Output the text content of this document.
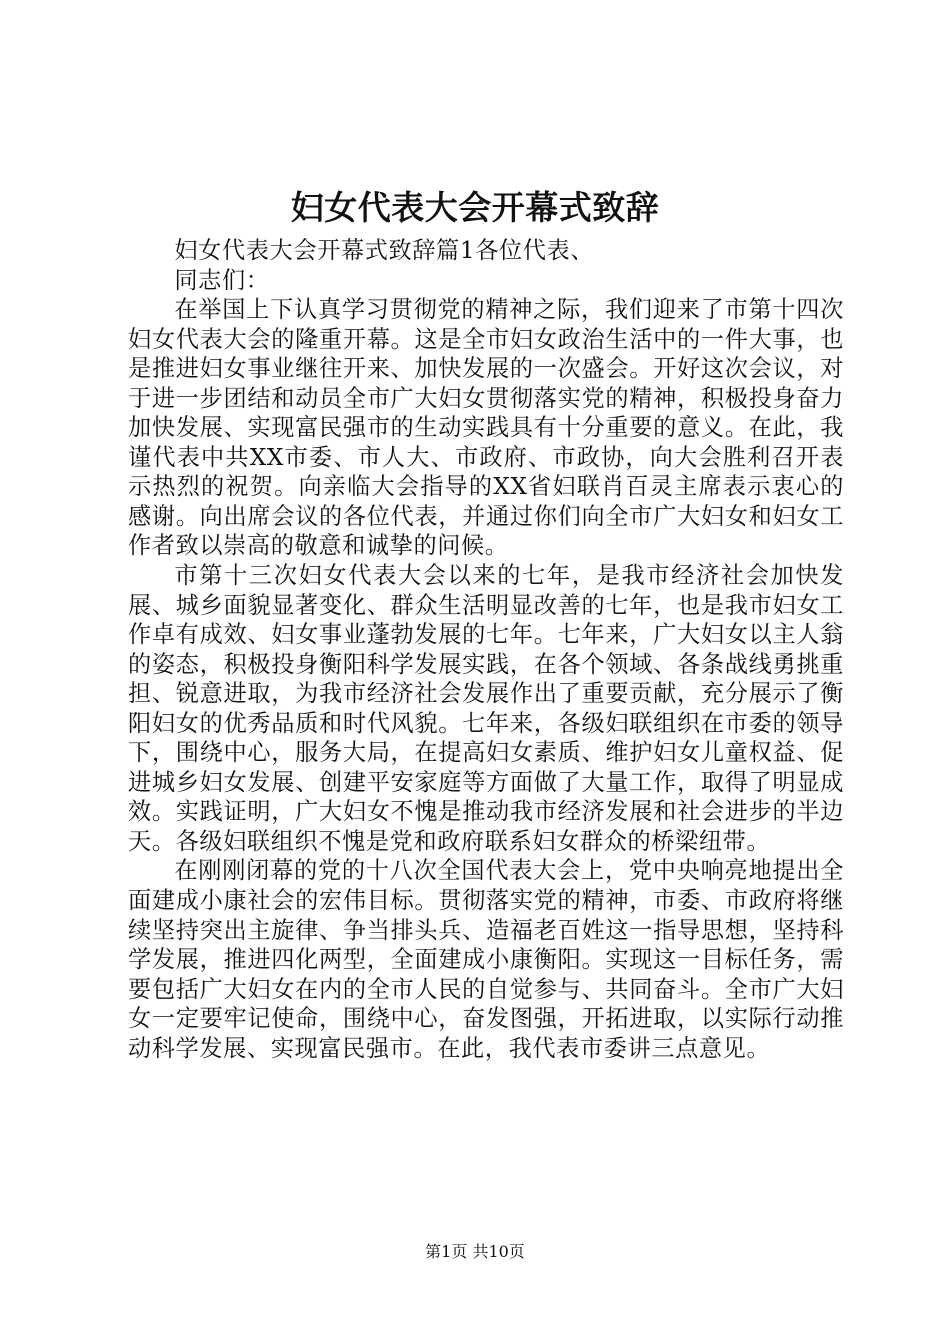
妇女代表大会开幕式致辞

妇女代表大会开幕式致辞篇1各位代表、

同志们：

在举国上下认真学习贯彻党的精神之际，我们迎来了市第十四次妇女代表大会的隆重开幕。这是全市妇女政治生活中的一件大事，也是推进妇女事业继往开来、加快发展的一次盛会。开好这次会议，对于进一步团结和动员全市广大妇女贯彻落实党的精神，积极投身奋力加快发展、实现富民强市的生动实践具有十分重要的意义。在此，我谨代表中共XX市委、市人大、市政府、市政协，向大会胜利召开表示热烈的祝贺。向亲临大会指导的XX省妇联肖百灵主席表示衷心的感谢。向出席会议的各位代表，并通过你们向全市广大妇女和妇女工作者致以崇高的敬意和诚挚的问候。

市第十三次妇女代表大会以来的七年，是我市经济社会加快发展、城乡面貌显著变化、群众生活明显改善的七年，也是我市妇女工作卓有成效、妇女事业蓬勃发展的七年。七年来，广大妇女以主人翁的姿态，积极投身衡阳科学发展实践，在各个领域、各条战线勇挑重担、锐意进取，为我市经济社会发展作出了重要贡献，充分展示了衡阳妇女的优秀品质和时代风貌。七年来，各级妇联组织在市委的领导下，围绕中心，服务大局，在提高妇女素质、维护妇女儿童权益、促进城乡妇女发展、创建平安家庭等方面做了大量工作，取得了明显成效。实践证明，广大妇女不愧是推动我市经济发展和社会进步的半边天。各级妇联组织不愧是党和政府联系妇女群众的桥梁纽带。

在刚刚闭幕的党的十八次全国代表大会上，党中央响亮地提出全面建成小康社会的宏伟目标。贯彻落实党的精神，市委、市政府将继续坚持突出主旋律、争当排头兵、造福老百姓这一指导思想，坚持科学发展，推进四化两型，全面建成小康衡阳。实现这一目标任务，需要包括广大妇女在内的全市人民的自觉参与、共同奋斗。全市广大妇女一定要牢记使命，围绕中心，奋发图强，开拓进取，以实际行动推动科学发展、实现富民强市。在此，我代表市委讲三点意见。

第1页 共10页
